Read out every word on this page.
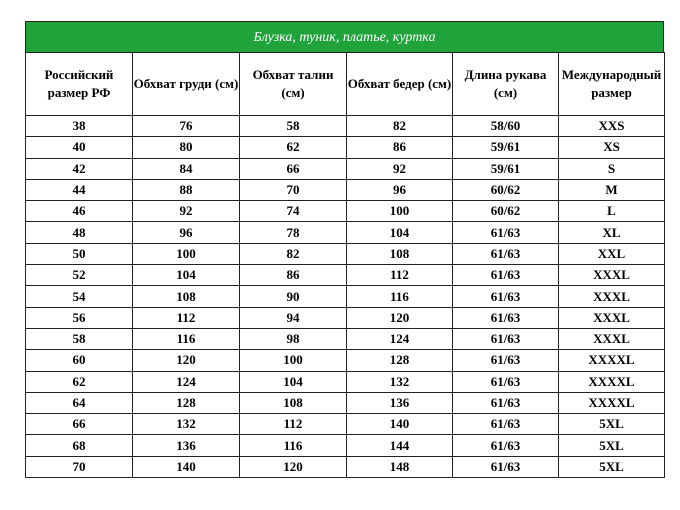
Блузка, туник, платье, куртка
Российский размер РФ	Обхват груди (см)	Обхват талии (см)	Обхват бедер (см)	Длина рукава (см)	Международный размер
38	76	58	82	58/60	XXS
40	80	62	86	59/61	XS
42	84	66	92	59/61	S
44	88	70	96	60/62	M
46	92	74	100	60/62	L
48	96	78	104	61/63	XL
50	100	82	108	61/63	XXL
52	104	86	112	61/63	XXXL
54	108	90	116	61/63	XXXL
56	112	94	120	61/63	XXXL
58	116	98	124	61/63	XXXL
60	120	100	128	61/63	XXXXL
62	124	104	132	61/63	XXXXL
64	128	108	136	61/63	XXXXL
66	132	112	140	61/63	5XL
68	136	116	144	61/63	5XL
70	140	120	148	61/63	5XL
